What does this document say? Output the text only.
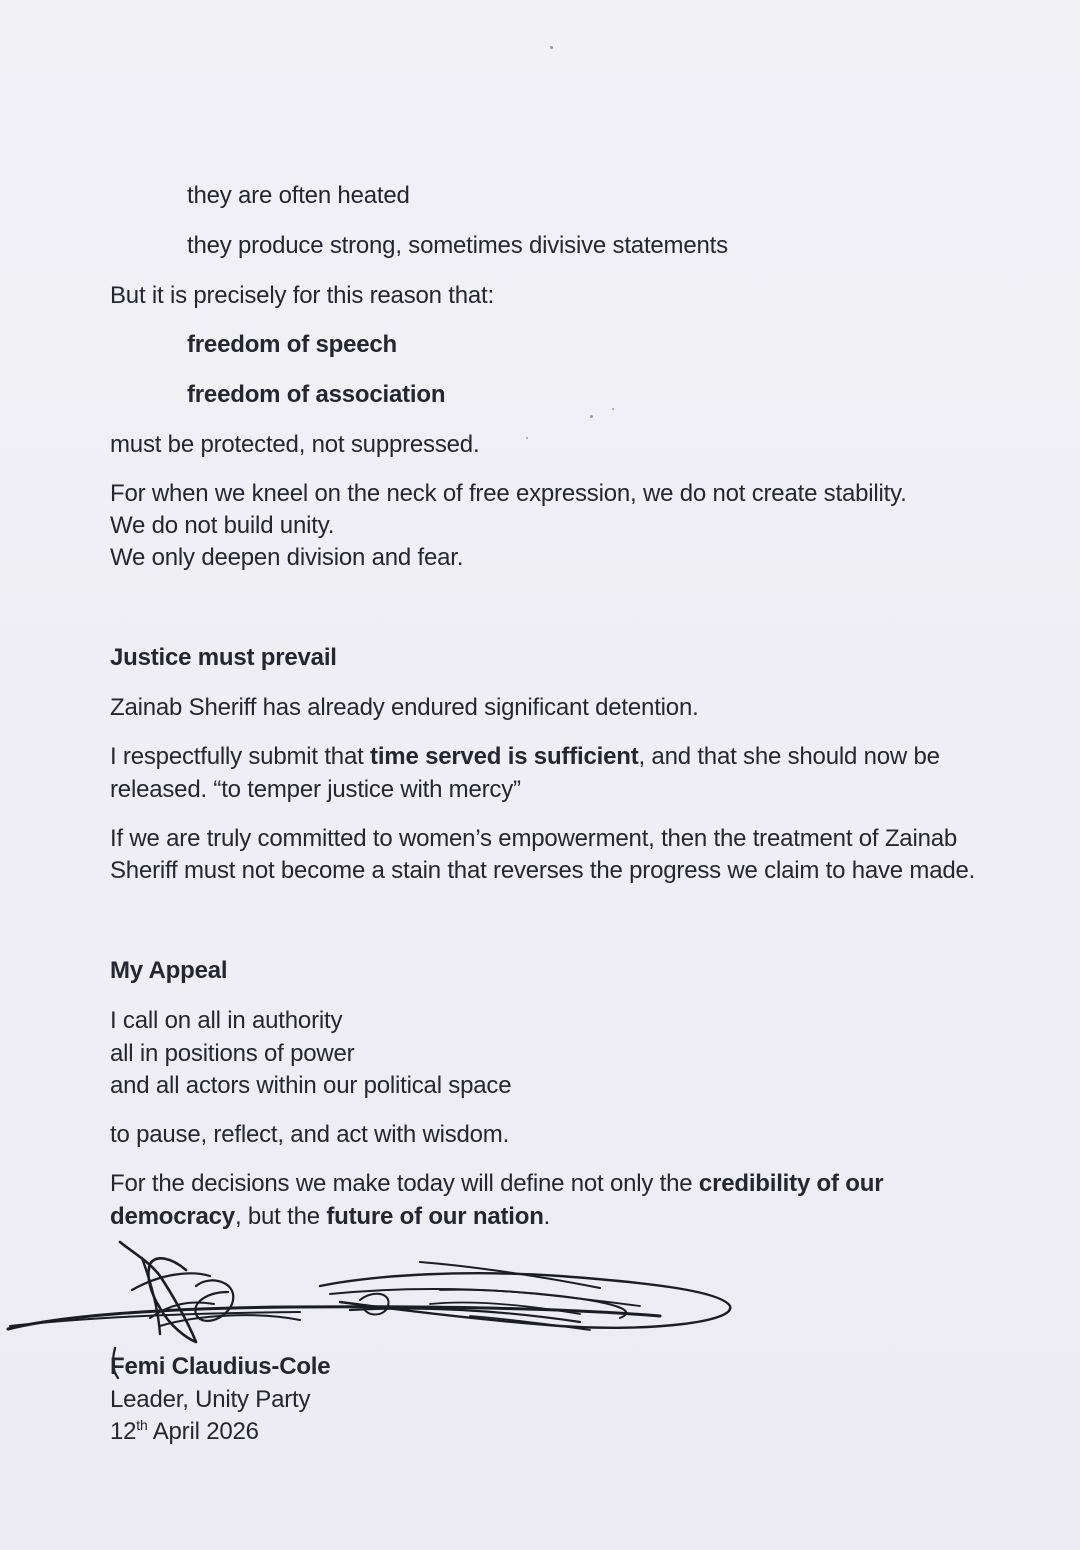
they are often heated
they produce strong, sometimes divisive statements
But it is precisely for this reason that:
freedom of speech
freedom of association
must be protected, not suppressed.
For when we kneel on the neck of free expression, we do not create stability.
We do not build unity.
We only deepen division and fear.
Justice must prevail
Zainab Sheriff has already endured significant detention.
I respectfully submit that time served is sufficient, and that she should now be
released. “to temper justice with mercy”
If we are truly committed to women’s empowerment, then the treatment of Zainab
Sheriff must not become a stain that reverses the progress we claim to have made.
My Appeal
I call on all in authority
all in positions of power
and all actors within our political space
to pause, reflect, and act with wisdom.
For the decisions we make today will define not only the credibility of our
democracy, but the future of our nation.
Femi Claudius-Cole
Leader, Unity Party
12th April 2026
